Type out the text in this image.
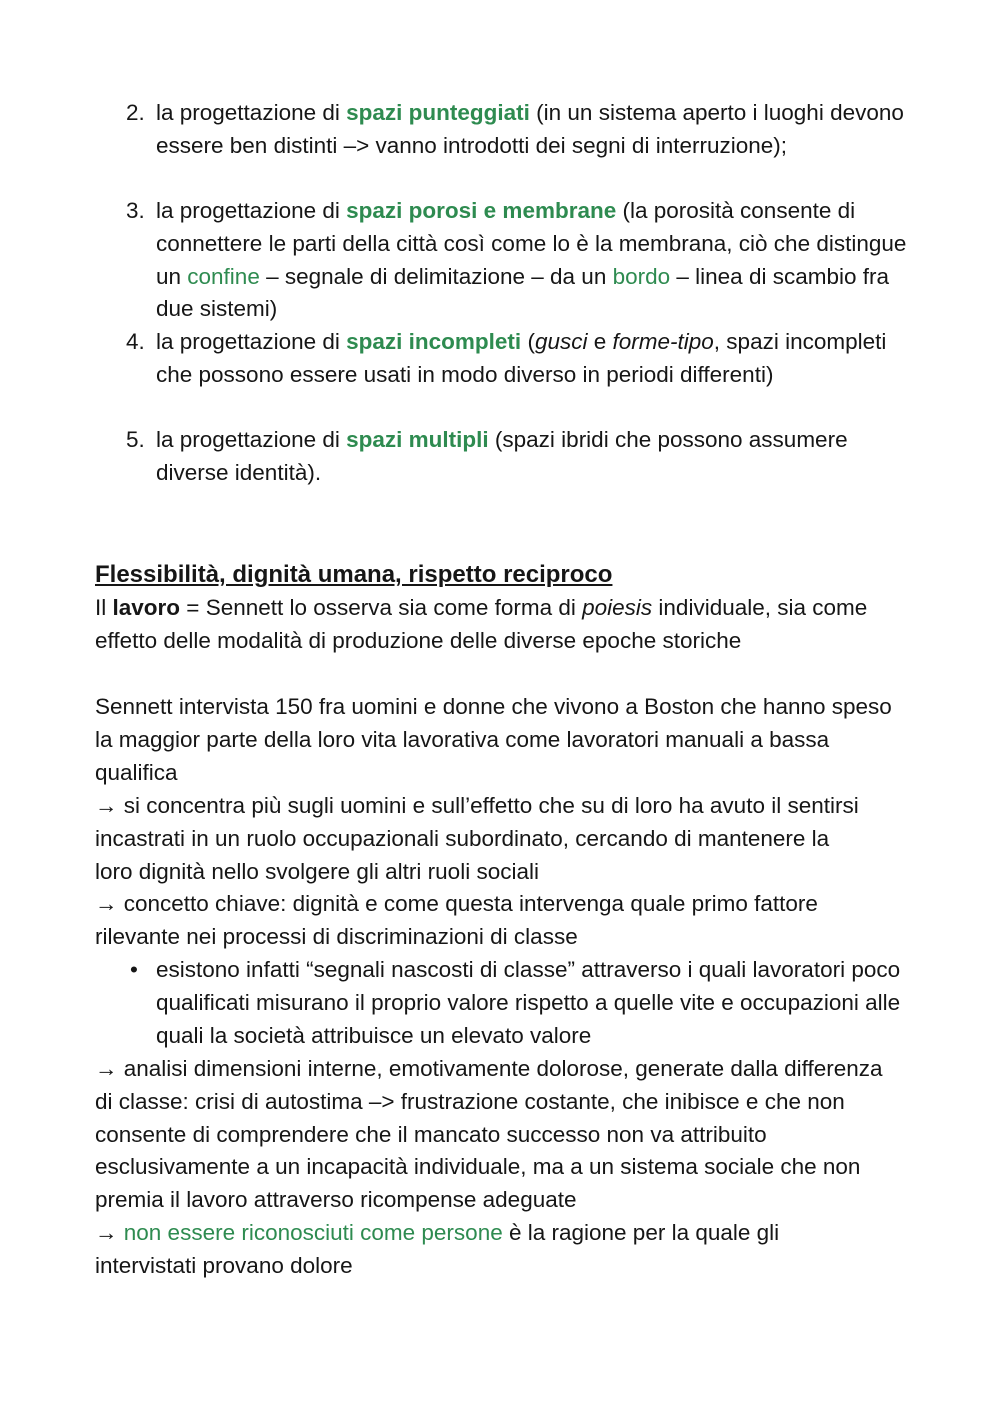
2. la progettazione di spazi punteggiati (in un sistema aperto i luoghi devono essere ben distinti –> vanno introdotti dei segni di interruzione);
3. la progettazione di spazi porosi e membrane (la porosità consente di connettere le parti della città così come lo è la membrana, ciò che distingue un confine – segnale di delimitazione – da un bordo – linea di scambio fra due sistemi)
4. la progettazione di spazi incompleti (gusci e forme-tipo, spazi incompleti che possono essere usati in modo diverso in periodi differenti)
5. la progettazione di spazi multipli (spazi ibridi che possono assumere diverse identità).
Flessibilità, dignità umana, rispetto reciproco
Il lavoro = Sennett lo osserva sia come forma di poiesis individuale, sia come effetto delle modalità di produzione delle diverse epoche storiche
Sennett intervista 150 fra uomini e donne che vivono a Boston che hanno speso la maggior parte della loro vita lavorativa come lavoratori manuali a bassa qualifica
→ si concentra più sugli uomini e sull’effetto che su di loro ha avuto il sentirsi incastrati in un ruolo occupazionali subordinato, cercando di mantenere la loro dignità nello svolgere gli altri ruoli sociali
→ concetto chiave: dignità e come questa intervenga quale primo fattore rilevante nei processi di discriminazioni di classe
• esistono infatti “segnali nascosti di classe” attraverso i quali lavoratori poco qualificati misurano il proprio valore rispetto a quelle vite e occupazioni alle quali la società attribuisce un elevato valore
→ analisi dimensioni interne, emotivamente dolorose, generate dalla differenza di classe: crisi di autostima –> frustrazione costante, che inibisce e che non consente di comprendere che il mancato successo non va attribuito esclusivamente a un incapacità individuale, ma a un sistema sociale che non premia il lavoro attraverso ricompense adeguate
→ non essere riconosciuti come persone è la ragione per la quale gli intervistati provano dolore
